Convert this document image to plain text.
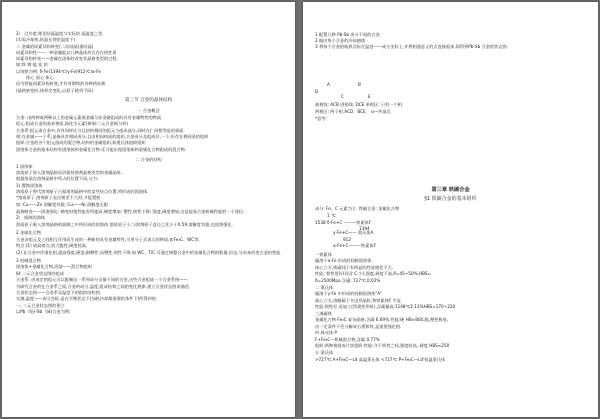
2） 过冷度:理论结晶温度与实际结 晶温度之差.
(实际冷却快,结晶在理论温度下)
二 金属的同素异构转变(二次结晶)重结晶)
同素异构性——一种金属能以几种晶体形式存在的性质
同素异构转变——金属在固体时改变其晶格类型的过程.
如:铁 钢 锰 钛 钴
以纯铁为例: δ-Fe(1394℃)γ-Fe(912℃)α-Fe
体心 面心 体心
因为铁能同素异构转变,才有对钢铁的各种热处理.
(晶格转变时,体积会变化,以原子排列不同)
第三节 合金的晶体结构
一 合金概念
合金: 由两种或两种以上的金属元素或金属与非金属组成的具有金属特性的物质.
组元:组成合金的基本物质,如化学元素(黄铜:二元合金铜与锌)
合金系:组元或合金中,具有同样比分且结构相同的组元与组成部分,同时在仁同相等是的界面.
相:在金属——个系,是指具有相同成分,且由相同构成的组织,合金成分及组成层,一个,但存在相同金的组织
组织:合金的各个组元组成的混合物,结构的金属组织,如奥氏体组织组织
固溶体合金的基本结构有固溶体和金属化合物.还可能出现固溶体和金属化合物组成的混合物.
二 合金的结构
1 固溶体
溶质原子溶入溶剂晶格而仍保持溶剂晶格类型的金属晶体.
根据溶质在溶剂晶格中所占的位置不同,分为:
1) 置换固溶体
溶质原子替代溶剂原子占据溶剂晶格中的某些结点位置.所形成的固溶体.
*溶质原子,溶剂原子直径相差不大时,才能置换
如: Cu——Zn 溶解度有限; Cu——Ni 溶解度无限
晶格畸变——固溶强化: 畸变时使性能有所提高,硬度增加; 塑性,韧性下降; 强度,硬度增加,这是提高合金机械性能的一个途径.
2） 间隙固溶体
溶质原子嵌入溶剂晶格的间隙之中所形成的固溶体.溶质原子小,与溶剂原子直径之比小于0.59,溶解度有限,也固溶强化.
2 金属化合物
合金各组元及之间相互作用而生成的一种新的具有金属特性,可用分子式表示的物质.如Fe₃C、WC等.
特点:(1) 较高熔点,较大脆性,硬度较高.
(2) 在合金中作强化相,提高强度,硬度,耐磨性,而塑性,韧性下降.如 WC、TiC.可通过调整合金中的金属化合物的数量,形态,分布来改变合金的性能
3 机械混合物
固溶体+金属化合物,固溶——混合物组织
§4 二元合金状态图的组成
合金系: 由成定的组元可以配制出一系列成分含量不同的合金,这些合金组成一个合金系统——
为研究合金的在合金系之间,合金的成分,温度,组成结构之间的变化规律,建立合金状态图来描述.
合金状态图——合金系各温度下的组织结构图.
实测,温度——成分坐标,是在平衡状态下(加热冷却都很慢的条件下)所得到的.
一, 二元合金状态图的建立
以Pb（铅)-Sb（锑)合金为例:
1 配置几种 Pb-Sb 成分不同的合金.
2 做出每个合金的冷却曲线
3 将每个合金的临界点标在温度——成分坐标上,并将相通意义的点连接起来,即得到Pb-Sb 合金的状态图.
A	B
D
C	E
液相线: ACB 固相线: DCE 单相区: 只有一个相.
两相区: 两个相.ACD、BCE、 α—共晶点
*思考:
第三章 铁碳合金
§1 铁碳合金的基本组织
成分: Fe、C 元素为主. 铁碳合金: 金属化合物
1 ℃
1538 δ-Fe+C ———铁素体F
1394
γ-Fe+C—— 奥氏体A
912
α-Fe+C———铁素体F
一铁素体
碳溶于α-Fe 形成的间隙固溶体.
体心立方,铁碳纯于有明显的性质相差不大.
性能: 韧性很好(同含 C 少),强度,硬度不高,δ=45~50%,HBS=
δ=2500Mpa 含碳: 727℃,0.02%
二 奥氏体
碳溶于γ-Fe 中形成的间隙固溶体"A"
面心立方,溶解碳于多边形晶粒,和铁素体F 平直.
性能:韧性好,易加工(所需变形时),含碳量高:1148℃2.11%HBS=170~220
三渗碳体
金属化合物 Fe₃C 复杂晶格,含碳 6.69%.性能:硬 HB≈800,脆,塑性极低,
由一定条件下会分解成石墨和铁,是重要强化相.
四 珠光体 P
F+Fe₃C—机械混合物,含碳 0.77%
组织:两种相组成片状组织.性能:介于两者之间,强度较高, 硬度 HBS≈250
五 莱氏体
>727℃ A+Fe₃C—Ld 高温莱氏体 <727℃ P+Fe₃C—Ld'低温莱氏体
